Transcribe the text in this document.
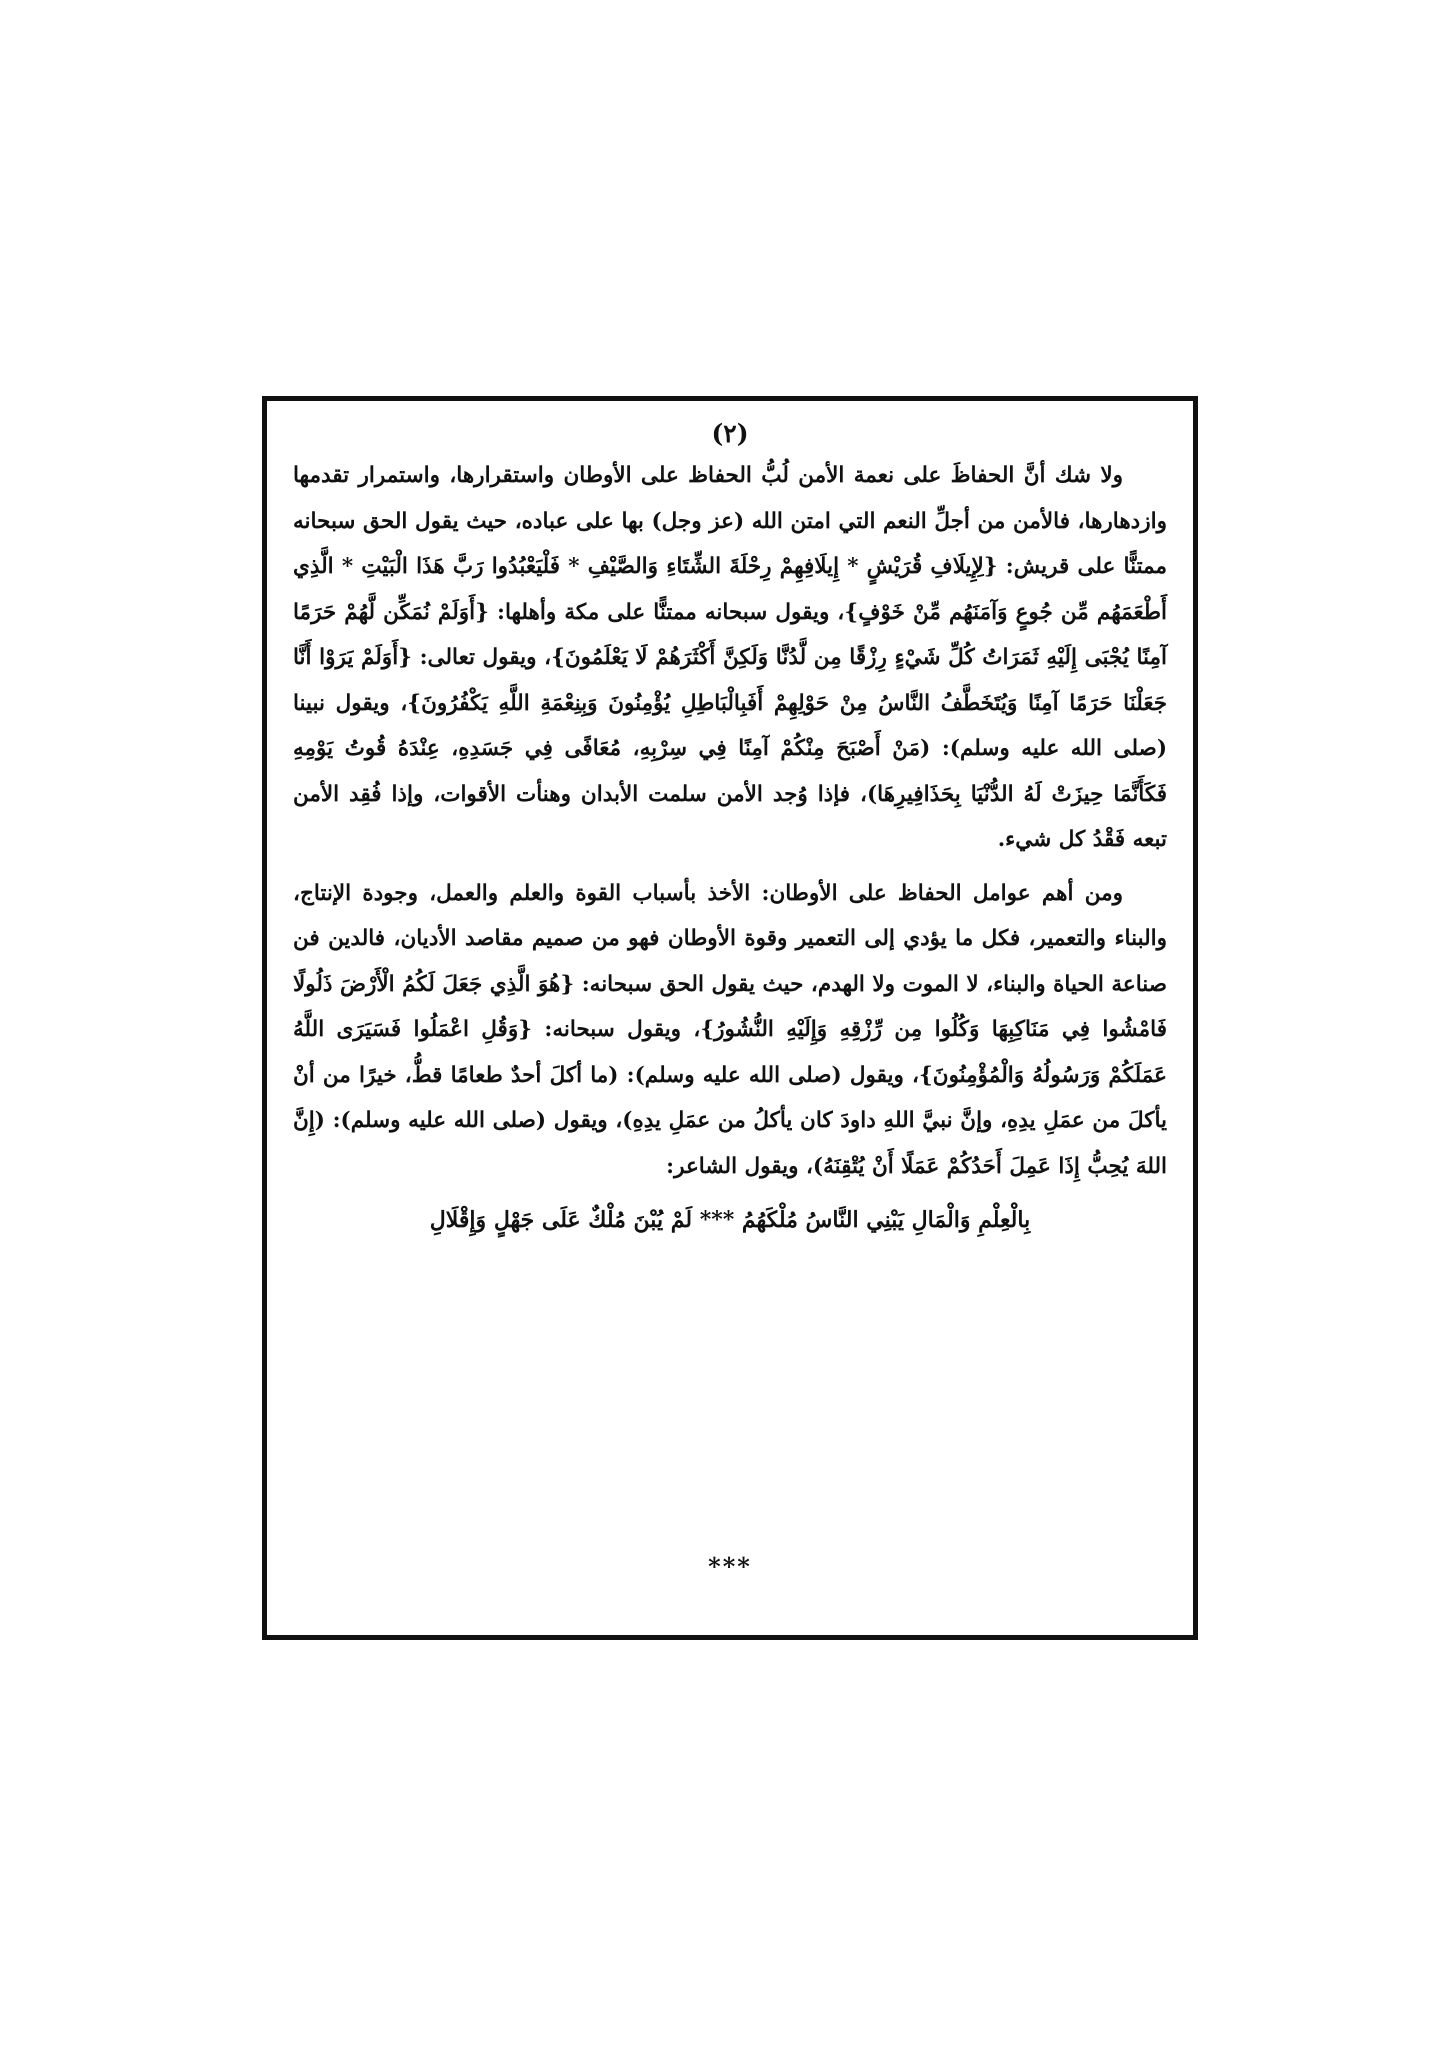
(٢)

ولا شك أنَّ الحفاظَ على نعمة الأمن لُبُّ الحفاظ على الأوطان واستقرارها، واستمرار تقدمها وازدهارها، فالأمن من أجلِّ النعم التي امتن الله (عز وجل) بها على عباده، حيث يقول الحق سبحانه ممتنًّا على قريش: {لِإِيلَافِ قُرَيْشٍ * إِيلَافِهِمْ رِحْلَةَ الشِّتَاءِ وَالصَّيْفِ * فَلْيَعْبُدُوا رَبَّ هَذَا الْبَيْتِ * الَّذِي أَطْعَمَهُم مِّن جُوعٍ وَآمَنَهُم مِّنْ خَوْفٍ}، ويقول سبحانه ممتنًّا على مكة وأهلها: {أَوَلَمْ نُمَكِّن لَّهُمْ حَرَمًا آمِنًا يُجْبَى إِلَيْهِ ثَمَرَاتُ كُلِّ شَيْءٍ رِزْقًا مِن لَّدُنَّا وَلَكِنَّ أَكْثَرَهُمْ لَا يَعْلَمُونَ}، ويقول تعالى: {أَوَلَمْ يَرَوْا أَنَّا جَعَلْنَا حَرَمًا آمِنًا وَيُتَخَطَّفُ النَّاسُ مِنْ حَوْلِهِمْ أَفَبِالْبَاطِلِ يُؤْمِنُونَ وَبِنِعْمَةِ اللَّهِ يَكْفُرُونَ}، ويقول نبينا (صلى الله عليه وسلم): (مَنْ أَصْبَحَ مِنْكُمْ آمِنًا فِي سِرْبِهِ، مُعَافًى فِي جَسَدِهِ، عِنْدَهُ قُوتُ يَوْمِهِ فَكَأَنَّمَا حِيزَتْ لَهُ الدُّنْيَا بِحَذَافِيرِهَا)، فإذا وُجد الأمن سلمت الأبدان وهنأت الأقوات، وإذا فُقِد الأمن تبعه فَقْدُ كل شيء.

ومن أهم عوامل الحفاظ على الأوطان: الأخذ بأسباب القوة والعلم والعمل، وجودة الإنتاج، والبناء والتعمير، فكل ما يؤدي إلى التعمير وقوة الأوطان فهو من صميم مقاصد الأديان، فالدين فن صناعة الحياة والبناء، لا الموت ولا الهدم، حيث يقول الحق سبحانه: {هُوَ الَّذِي جَعَلَ لَكُمُ الْأَرْضَ ذَلُولًا فَامْشُوا فِي مَنَاكِبِهَا وَكُلُوا مِن رِّزْقِهِ وَإِلَيْهِ النُّشُورُ}، ويقول سبحانه: {وَقُلِ اعْمَلُوا فَسَيَرَى اللَّهُ عَمَلَكُمْ وَرَسُولُهُ وَالْمُؤْمِنُونَ}، ويقول (صلى الله عليه وسلم): (ما أكلَ أحدٌ طعامًا قطُّ، خيرًا من أنْ يأكلَ من عمَلِ يدِهِ، وإنَّ نبيَّ اللهِ داودَ كان يأكلُ من عمَلِ يدِهِ)، ويقول (صلى الله عليه وسلم): (إِنَّ اللهَ يُحِبُّ إِذَا عَمِلَ أَحَدُكُمْ عَمَلًا أَنْ يُتْقِنَهُ)، ويقول الشاعر:

بِالْعِلْمِ وَالْمَالِ يَبْنِي النَّاسُ مُلْكَهُمُ *** لَمْ يُبْنَ مُلْكٌ عَلَى جَهْلٍ وَإِقْلَالِ
***
